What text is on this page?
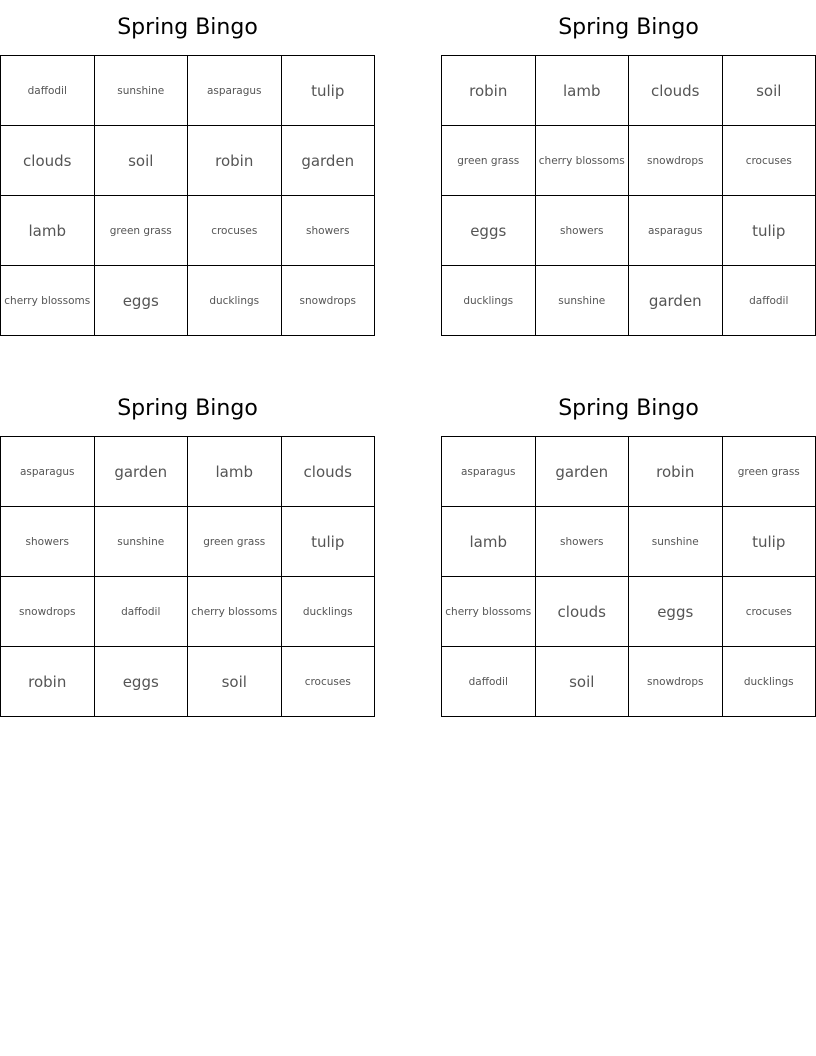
Spring Bingo
daffodil	sunshine	asparagus	tulip
clouds	soil	robin	garden
lamb	green grass	crocuses	showers
cherry blossoms	eggs	ducklings	snowdrops
Spring Bingo
robin	lamb	clouds	soil
green grass	cherry blossoms	snowdrops	crocuses
eggs	showers	asparagus	tulip
ducklings	sunshine	garden	daffodil
Spring Bingo
asparagus	garden	lamb	clouds
showers	sunshine	green grass	tulip
snowdrops	daffodil	cherry blossoms	ducklings
robin	eggs	soil	crocuses
Spring Bingo
asparagus	garden	robin	green grass
lamb	showers	sunshine	tulip
cherry blossoms	clouds	eggs	crocuses
daffodil	soil	snowdrops	ducklings
